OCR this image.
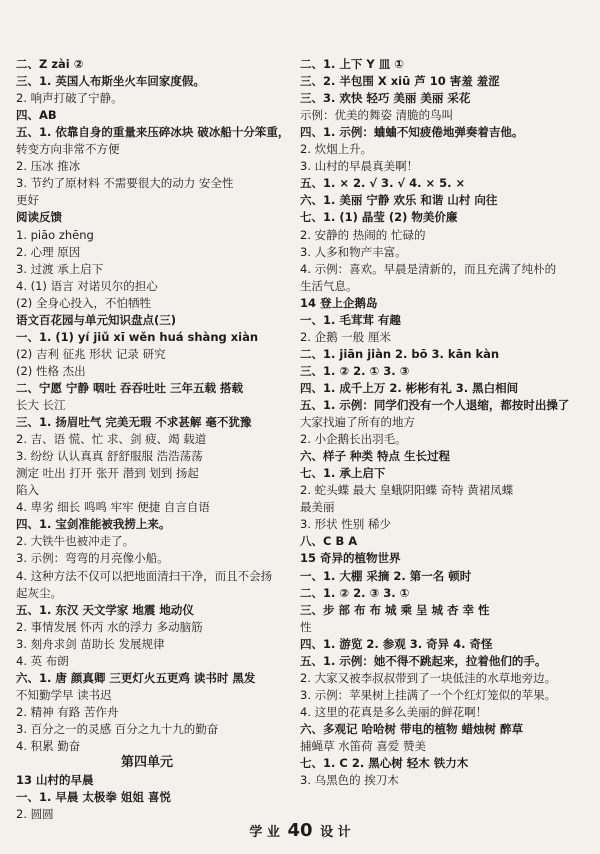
二、Z zài ②
三、1. 英国人布斯坐火车回家度假。
2. 响声打破了宁静。
四、AB
五、1. 依靠自身的重量来压碎冰块 破冰船十分笨重，
转变方向非常不方便
2. 压冰 推冰
3. 节约了原材料 不需要很大的动力 安全性
更好
阅读反馈
1. piāo zhēng
2. 心理 原因
3. 过渡 承上启下
4. (1) 语言 对诺贝尔的担心
(2) 全身心投入，不怕牺牲
语文百花园与单元知识盘点(三)
一、1. (1) yí jiǔ xī wěn huá shàng xiàn
(2) 吉利 征兆 形状 记录 研究
(2) 性格 杰出
二、宁愿 宁静 咽吐 吞吞吐吐 三年五载 搭载
长大 长江
三、1. 扬眉吐气 完美无瑕 不求甚解 毫不犹豫
2. 吉、语 慌、忙 求、剑 疲、竭 载道
3. 纷纷 认认真真 舒舒服服 浩浩荡荡
测定 吐出 打开 张开 潜到 划到 扬起
陷入
4. 卑劣 细长 鸣鸣 牢牢 便捷 自言自语
四、1. 宝剑准能被我捞上来。
2. 大铁牛也被冲走了。
3. 示例：弯弯的月亮像小船。
4. 这种方法不仅可以把地面清扫干净，而且不会扬
起灰尘。
五、1. 东汉 天文学家 地震 地动仪
2. 事情发展 怀丙 水的浮力 多动脑筋
3. 刻舟求剑 苗助长 发展规律
4. 英 布朗
六、1. 唐 颜真卿 三更灯火五更鸡 读书时 黑发
不知勤学早 读书迟
2. 精神 有路 苦作舟
3. 百分之一的灵感 百分之九十九的勤奋
4. 积累 勤奋
第四单元
13 山村的早晨
一、1. 早晨 太极拳 姐姐 喜悦
2. 圆圆
二、1. 上下 Y 皿 ①
三、2. 半包围 X xiū 芦 10 害羞 羞涩
三、3. 欢快 轻巧 美丽 美丽 采花
示例：优美的舞姿 清脆的鸟叫
四、1. 示例：蛐蛐不知疲倦地弹奏着吉他。
2. 炊烟上升。
3. 山村的早晨真美啊！
五、1. × 2. √ 3. √ 4. × 5. ×
六、1. 美丽 宁静 欢乐 和谐 山村 向往
七、1. (1) 晶莹 (2) 物美价廉
2. 安静的 热闹的 忙碌的
3. 人多和物产丰富。
4. 示例：喜欢。早晨是清新的，而且充满了纯朴的
生活气息。
14 登上企鹅岛
一、1. 毛茸茸 有趣
2. 企鹅 一般 厘米
二、1. jiān jiàn 2. bō 3. kān kàn
三、1. ② 2. ① 3. ③
四、1. 成千上万 2. 彬彬有礼 3. 黑白相间
五、1. 示例：同学们没有一个人退缩，都按时出操了
大家找遍了所有的地方
2. 小企鹅长出羽毛。
六、样子 种类 特点 生长过程
七、1. 承上启下
2. 蛇头蝶 最大 皇蛾阴阳蝶 奇特 黄裙凤蝶
最美丽
3. 形状 性别 稀少
八、C B A
15 奇异的植物世界
一、1. 大棚 采摘 2. 第一名 顿时
二、1. ② 2. ③ 3. ①
三、步 部 布 布 城 乘 呈 城 杏 幸 性
性
四、1. 游览 2. 参观 3. 奇异 4. 奇怪
五、1. 示例：她不得不跳起来，拉着他们的手。
2. 大家又被李叔叔带到了一块低洼的水草地旁边。
3. 示例：苹果树上挂满了一个个红灯笼似的苹果。
4. 这里的花真是多么美丽的鲜花啊！
六、多观记 哈哈树 带电的植物 蜡烛树 醉草
捕蝇草 水笛荷 喜爱 赞美
七、1. C 2. 黑心树 轻木 铁力木
3. 乌黑色的 挨刀木
学 业 40 设 计
